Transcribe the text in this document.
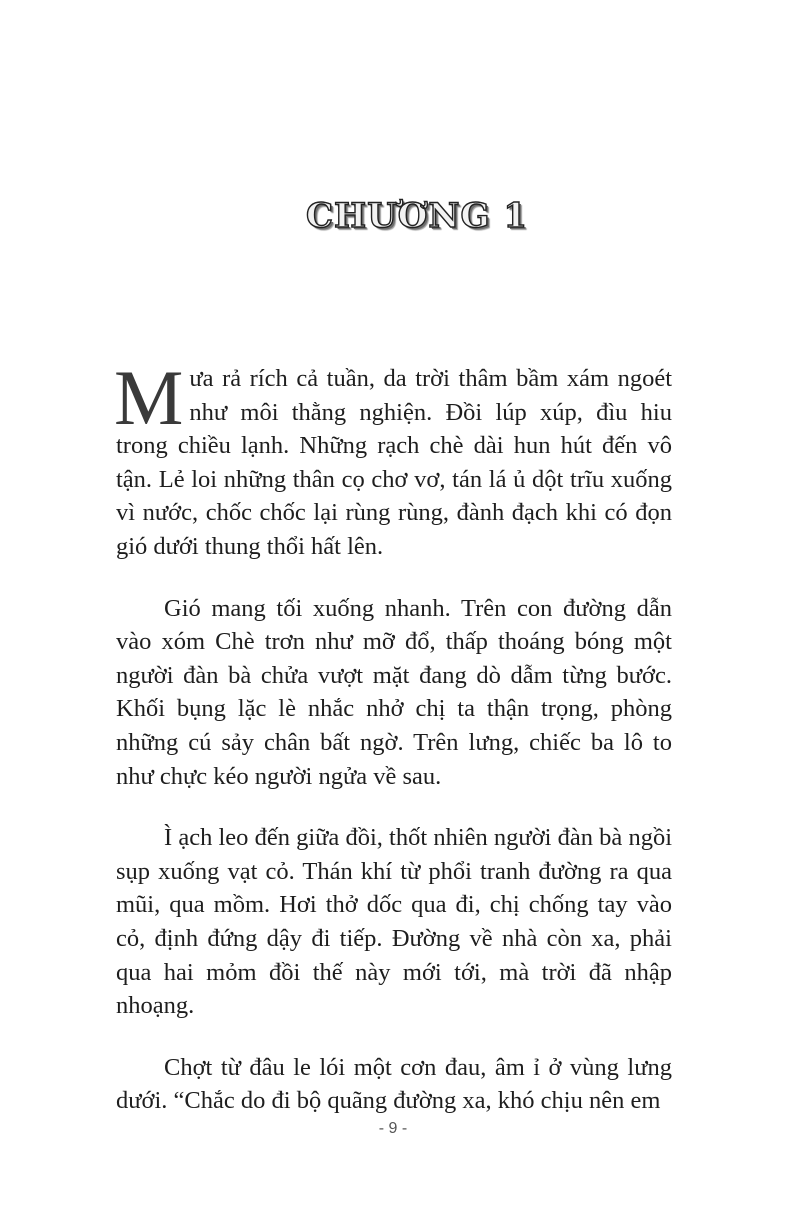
CHƯƠNG 1

Mưa rả rích cả tuần, da trời thâm bầm xám ngoét như môi thằng nghiện. Đồi lúp xúp, đìu hiu trong chiều lạnh. Những rạch chè dài hun hút đến vô tận. Lẻ loi những thân cọ chơ vơ, tán lá ủ dột trĩu xuống vì nước, chốc chốc lại rùng rùng, đành đạch khi có đọn gió dưới thung thổi hất lên.

Gió mang tối xuống nhanh. Trên con đường dẫn vào xóm Chè trơn như mỡ đổ, thấp thoáng bóng một người đàn bà chửa vượt mặt đang dò dẫm từng bước. Khối bụng lặc lè nhắc nhở chị ta thận trọng, phòng những cú sảy chân bất ngờ. Trên lưng, chiếc ba lô to như chực kéo người ngửa về sau.

Ì ạch leo đến giữa đồi, thốt nhiên người đàn bà ngồi sụp xuống vạt cỏ. Thán khí từ phổi tranh đường ra qua mũi, qua mồm. Hơi thở dốc qua đi, chị chống tay vào cỏ, định đứng dậy đi tiếp. Đường về nhà còn xa, phải qua hai mỏm đồi thế này mới tới, mà trời đã nhập nhoạng.

Chợt từ đâu le lói một cơn đau, âm ỉ ở vùng lưng dưới. “Chắc do đi bộ quãng đường xa, khó chịu nên em

- 9 -
